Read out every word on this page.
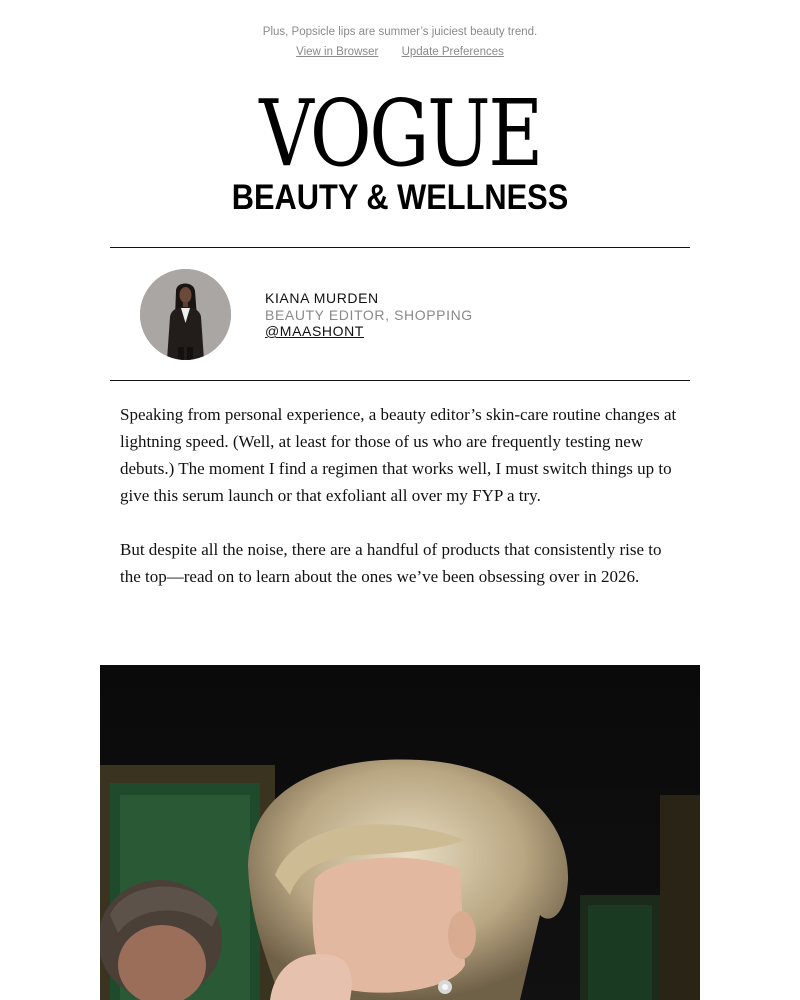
Plus, Popsicle lips are summer’s juiciest beauty trend.
View in Browser Update Preferences
VOGUE
BEAUTY & WELLNESS
KIANA MURDEN
BEAUTY EDITOR, SHOPPING
@MAASHONT

Speaking from personal experience, a beauty editor’s skin-care routine changes at lightning speed. (Well, at least for those of us who are frequently testing new debuts.) The moment I find a regimen that works well, I must switch things up to give this serum launch or that exfoliant all over my FYP a try.

But despite all the noise, there are a handful of products that consistently rise to the top—read on to learn about the ones we’ve been obsessing over in 2026.
